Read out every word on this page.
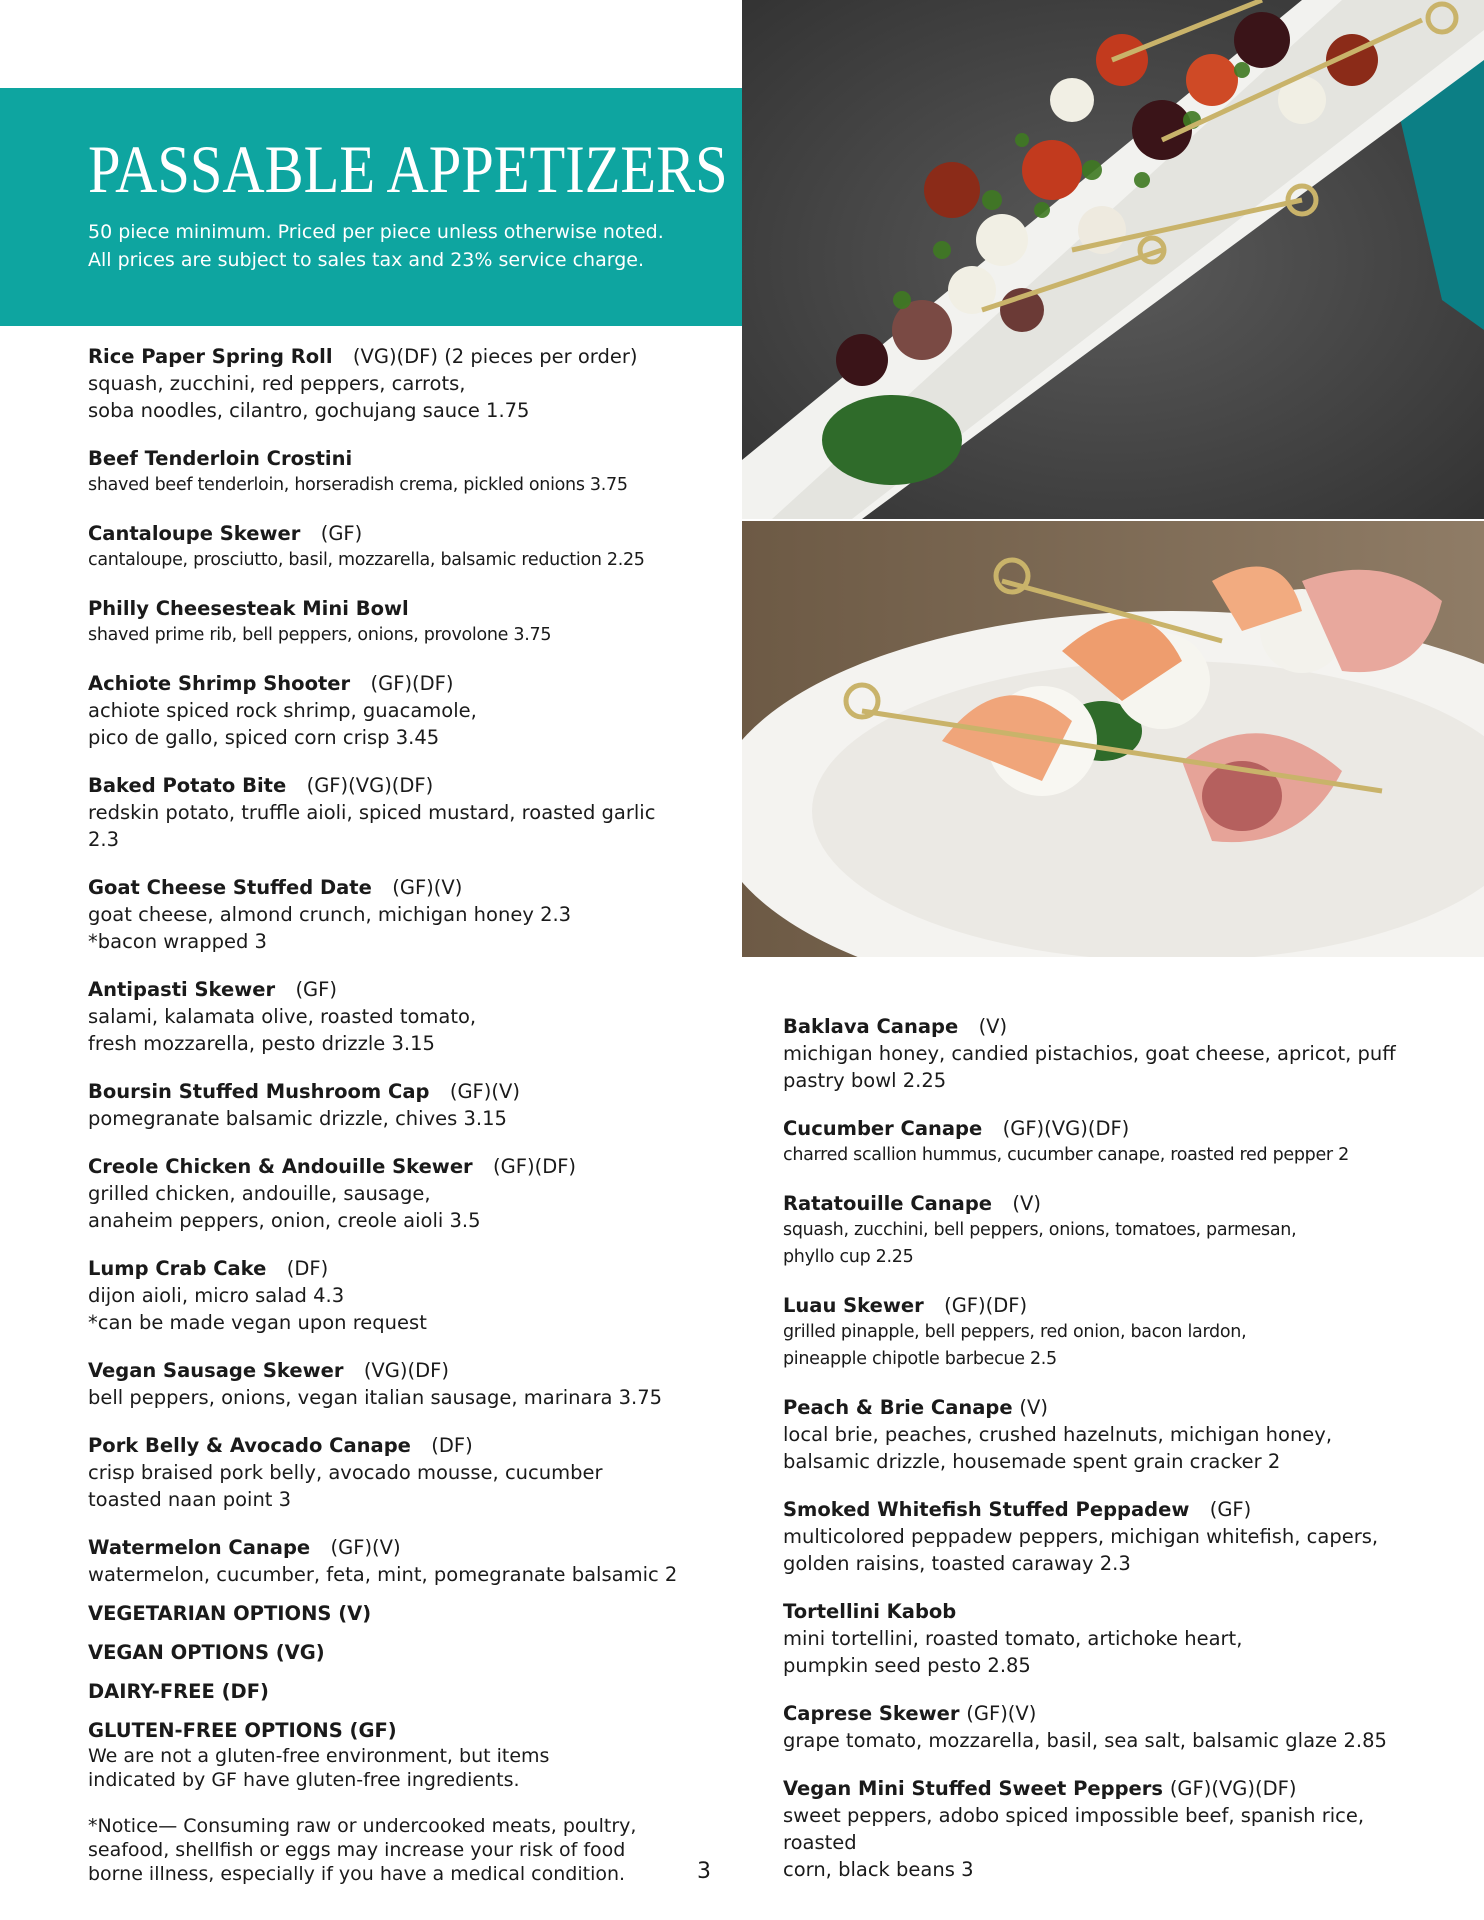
PASSABLE APPETIZERS
50 piece minimum. Priced per piece unless otherwise noted.
All prices are subject to sales tax and 23% service charge.
Rice Paper Spring Roll (VG)(DF) (2 pieces per order)
squash, zucchini, red peppers, carrots,
soba noodles, cilantro, gochujang sauce 1.75
Beef Tenderloin Crostini
shaved beef tenderloin, horseradish crema, pickled onions 3.75
Cantaloupe Skewer (GF)
cantaloupe, prosciutto, basil, mozzarella, balsamic reduction 2.25
Philly Cheesesteak Mini Bowl
shaved prime rib, bell peppers, onions, provolone 3.75
Achiote Shrimp Shooter (GF)(DF)
achiote spiced rock shrimp, guacamole,
pico de gallo, spiced corn crisp 3.45
Baked Potato Bite (GF)(VG)(DF)
redskin potato, truffle aioli, spiced mustard, roasted garlic 2.3
Goat Cheese Stuffed Date (GF)(V)
goat cheese, almond crunch, michigan honey 2.3
*bacon wrapped 3
Antipasti Skewer (GF)
salami, kalamata olive, roasted tomato,
fresh mozzarella, pesto drizzle 3.15
Boursin Stuffed Mushroom Cap (GF)(V)
pomegranate balsamic drizzle, chives 3.15
Creole Chicken & Andouille Skewer (GF)(DF)
grilled chicken, andouille, sausage,
anaheim peppers, onion, creole aioli 3.5
Lump Crab Cake (DF)
dijon aioli, micro salad 4.3
*can be made vegan upon request
Vegan Sausage Skewer (VG)(DF)
bell peppers, onions, vegan italian sausage, marinara 3.75
Pork Belly & Avocado Canape (DF)
crisp braised pork belly, avocado mousse, cucumber
toasted naan point 3
Watermelon Canape (GF)(V)
watermelon, cucumber, feta, mint, pomegranate balsamic 2
VEGETARIAN OPTIONS (V)
VEGAN OPTIONS (VG)
DAIRY-FREE (DF)
GLUTEN-FREE OPTIONS (GF)
We are not a gluten-free environment, but items
indicated by GF have gluten-free ingredients.
*Notice— Consuming raw or undercooked meats, poultry,
seafood, shellfish or eggs may increase your risk of food
borne illness, especially if you have a medical condition.	3
Baklava Canape (V)
michigan honey, candied pistachios, goat cheese, apricot, puff
pastry bowl 2.25
Cucumber Canape (GF)(VG)(DF)
charred scallion hummus, cucumber canape, roasted red pepper 2
Ratatouille Canape (V)
squash, zucchini, bell peppers, onions, tomatoes, parmesan,
phyllo cup 2.25
Luau Skewer (GF)(DF)
grilled pinapple, bell peppers, red onion, bacon lardon,
pineapple chipotle barbecue 2.5
Peach & Brie Canape (V)
local brie, peaches, crushed hazelnuts, michigan honey,
balsamic drizzle, housemade spent grain cracker 2
Smoked Whitefish Stuffed Peppadew (GF)
multicolored peppadew peppers, michigan whitefish, capers,
golden raisins, toasted caraway 2.3
Tortellini Kabob
mini tortellini, roasted tomato, artichoke heart,
pumpkin seed pesto 2.85
Caprese Skewer (GF)(V)
grape tomato, mozzarella, basil, sea salt, balsamic glaze 2.85
Vegan Mini Stuffed Sweet Peppers (GF)(VG)(DF)
sweet peppers, adobo spiced impossible beef, spanish rice, roasted
corn, black beans 3
